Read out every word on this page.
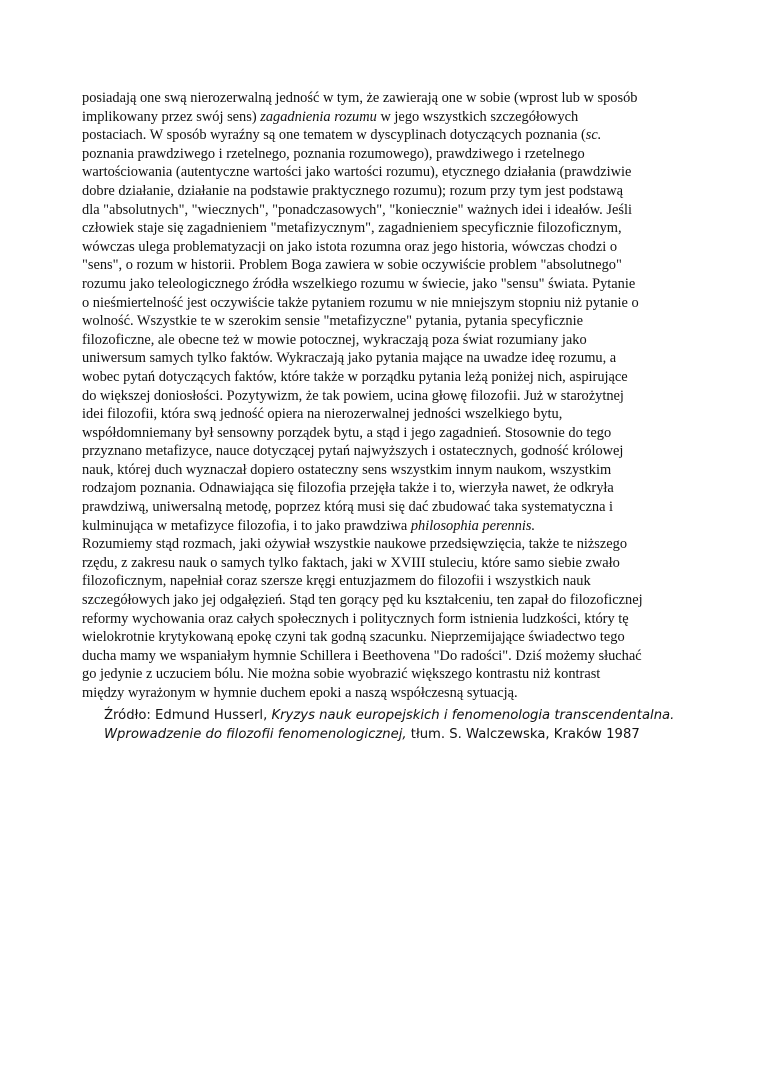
posiadają one swą nierozerwalną jedność w tym, że zawierają one w sobie (wprost lub w sposób
implikowany przez swój sens) zagadnienia rozumu w jego wszystkich szczegółowych
postaciach. W sposób wyraźny są one tematem w dyscyplinach dotyczących poznania (sc.
poznania prawdziwego i rzetelnego, poznania rozumowego), prawdziwego i rzetelnego
wartościowania (autentyczne wartości jako wartości rozumu), etycznego działania (prawdziwie
dobre działanie, działanie na podstawie praktycznego rozumu); rozum przy tym jest podstawą
dla "absolutnych", "wiecznych", "ponadczasowych", "koniecznie" ważnych idei i ideałów. Jeśli
człowiek staje się zagadnieniem "metafizycznym", zagadnieniem specyficznie filozoficznym,
wówczas ulega problematyzacji on jako istota rozumna oraz jego historia, wówczas chodzi o
"sens", o rozum w historii. Problem Boga zawiera w sobie oczywiście problem "absolutnego"
rozumu jako teleologicznego źródła wszelkiego rozumu w świecie, jako "sensu" świata. Pytanie
o nieśmiertelność jest oczywiście także pytaniem rozumu w nie mniejszym stopniu niż pytanie o
wolność. Wszystkie te w szerokim sensie "metafizyczne" pytania, pytania specyficznie
filozoficzne, ale obecne też w mowie potocznej, wykraczają poza świat rozumiany jako
uniwersum samych tylko faktów. Wykraczają jako pytania mające na uwadze ideę rozumu, a
wobec pytań dotyczących faktów, które także w porządku pytania leżą poniżej nich, aspirujące
do większej doniosłości. Pozytywizm, że tak powiem, ucina głowę filozofii. Już w starożytnej
idei filozofii, która swą jedność opiera na nierozerwalnej jedności wszelkiego bytu,
współdomniemany był sensowny porządek bytu, a stąd i jego zagadnień. Stosownie do tego
przyznano metafizyce, nauce dotyczącej pytań najwyższych i ostatecznych, godność królowej
nauk, której duch wyznaczał dopiero ostateczny sens wszystkim innym naukom, wszystkim
rodzajom poznania. Odnawiająca się filozofia przejęła także i to, wierzyła nawet, że odkryła
prawdziwą, uniwersalną metodę, poprzez którą musi się dać zbudować taka systematyczna i
kulminująca w metafizyce filozofia, i to jako prawdziwa philosophia perennis.
Rozumiemy stąd rozmach, jaki ożywiał wszystkie naukowe przedsięwzięcia, także te niższego
rzędu, z zakresu nauk o samych tylko faktach, jaki w XVIII stuleciu, które samo siebie zwało
filozoficznym, napełniał coraz szersze kręgi entuzjazmem do filozofii i wszystkich nauk
szczegółowych jako jej odgałęzień. Stąd ten gorący pęd ku kształceniu, ten zapał do filozoficznej
reformy wychowania oraz całych społecznych i politycznych form istnienia ludzkości, który tę
wielokrotnie krytykowaną epokę czyni tak godną szacunku. Nieprzemijające świadectwo tego
ducha mamy we wspaniałym hymnie Schillera i Beethovena "Do radości". Dziś możemy słuchać
go jedynie z uczuciem bólu. Nie można sobie wyobrazić większego kontrastu niż kontrast
między wyrażonym w hymnie duchem epoki a naszą współczesną sytuacją.
Źródło: Edmund Husserl, Kryzys nauk europejskich i fenomenologia transcendentalna.
Wprowadzenie do filozofii fenomenologicznej, tłum. S. Walczewska, Kraków 1987
